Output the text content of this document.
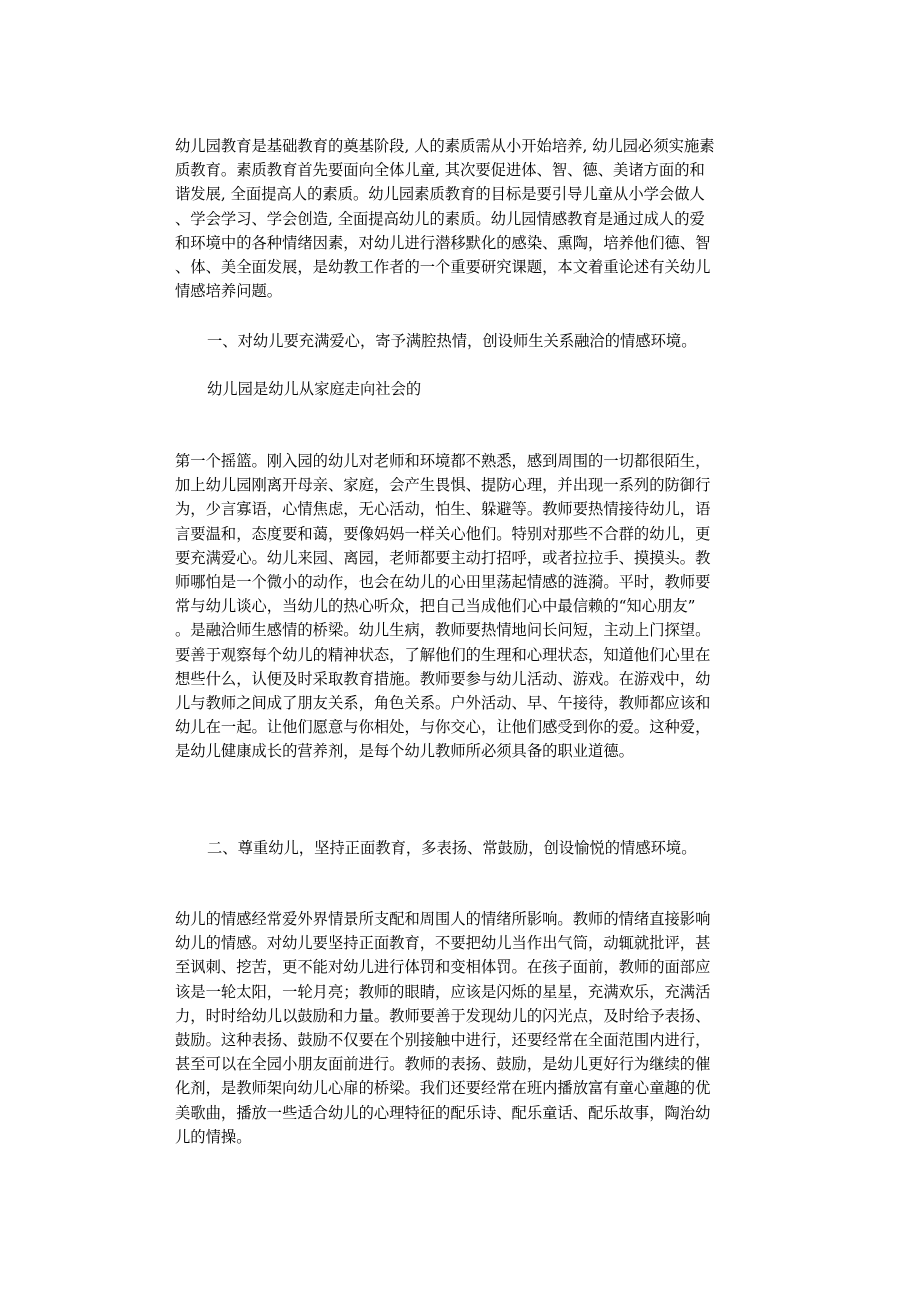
幼儿园教育是基础教育的奠基阶段, 人的素质需从小开始培养, 幼儿园必须实施素
质教育。素质教育首先要面向全体儿童, 其次要促进体、智、德、美诸方面的和
谐发展, 全面提高人的素质。幼儿园素质教育的目标是要引导儿童从小学会做人
、学会学习、学会创造, 全面提高幼儿的素质。幼儿园情感教育是通过成人的爱
和环境中的各种情绪因素，对幼儿进行潜移默化的感染、熏陶，培养他们德、智
、体、美全面发展，是幼教工作者的一个重要研究课题，本文着重论述有关幼儿
情感培养问题。

一、对幼儿要充满爱心，寄予满腔热情，创设师生关系融洽的情感环境。

幼儿园是幼儿从家庭走向社会的

第一个摇篮。刚入园的幼儿对老师和环境都不熟悉，感到周围的一切都很陌生，
加上幼儿园刚离开母亲、家庭，会产生畏惧、提防心理，并出现一系列的防御行
为，少言寡语，心情焦虑，无心活动，怕生、躲避等。教师要热情接待幼儿，语
言要温和，态度要和蔼，要像妈妈一样关心他们。特别对那些不合群的幼儿，更
要充满爱心。幼儿来园、离园，老师都要主动打招呼，或者拉拉手、摸摸头。教
师哪怕是一个微小的动作，也会在幼儿的心田里荡起情感的涟漪。平时，教师要
常与幼儿谈心，当幼儿的热心听众，把自己当成他们心中最信赖的“知心朋友”
。是融洽师生感情的桥梁。幼儿生病，教师要热情地问长问短，主动上门探望。
要善于观察每个幼儿的精神状态，了解他们的生理和心理状态，知道他们心里在
想些什么，认便及时采取教育措施。教师要参与幼儿活动、游戏。在游戏中，幼
儿与教师之间成了朋友关系，角色关系。户外活动、早、午接待，教师都应该和
幼儿在一起。让他们愿意与你相处，与你交心，让他们感受到你的爱。这种爱，
是幼儿健康成长的营养剂，是每个幼儿教师所必须具备的职业道德。

二、尊重幼儿，坚持正面教育，多表扬、常鼓励，创设愉悦的情感环境。

幼儿的情感经常爱外界情景所支配和周围人的情绪所影响。教师的情绪直接影响
幼儿的情感。对幼儿要坚持正面教育，不要把幼儿当作出气筒，动辄就批评，甚
至讽刺、挖苦，更不能对幼儿进行体罚和变相体罚。在孩子面前，教师的面部应
该是一轮太阳，一轮月亮；教师的眼睛，应该是闪烁的星星，充满欢乐，充满活
力，时时给幼儿以鼓励和力量。教师要善于发现幼儿的闪光点，及时给予表扬、
鼓励。这种表扬、鼓励不仅要在个别接触中进行，还要经常在全面范围内进行，
甚至可以在全园小朋友面前进行。教师的表扬、鼓励，是幼儿更好行为继续的催
化剂，是教师架向幼儿心扉的桥梁。我们还要经常在班内播放富有童心童趣的优
美歌曲，播放一些适合幼儿的心理特征的配乐诗、配乐童话、配乐故事，陶治幼
儿的情操。
